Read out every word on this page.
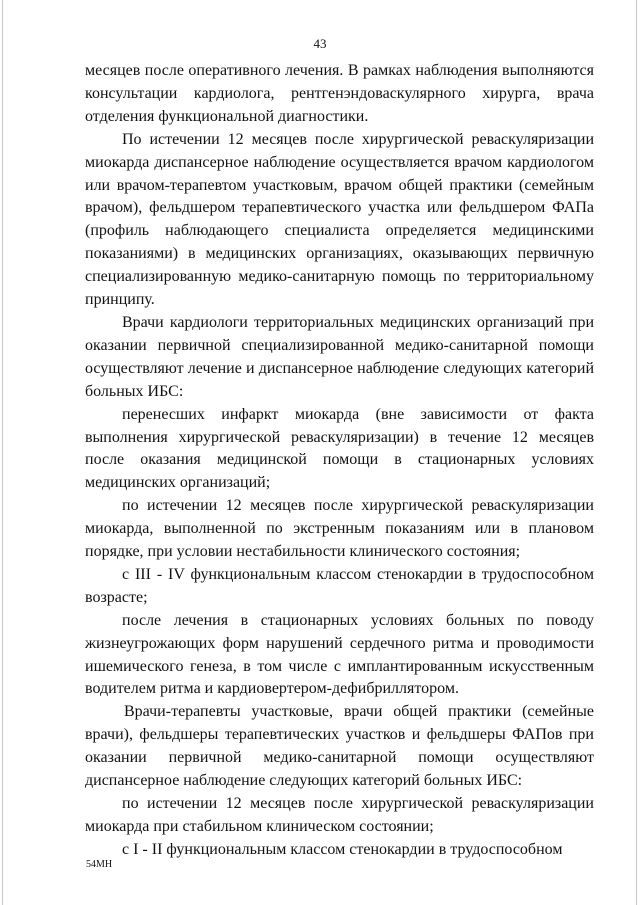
43

месяцев после оперативного лечения. В рамках наблюдения выполняются консультации кардиолога, рентгенэндоваскулярного хирурга, врача отделения функциональной диагностики.

По истечении 12 месяцев после хирургической реваскуляризации миокарда диспансерное наблюдение осуществляется врачом кардиологом или врачом-терапевтом участковым, врачом общей практики (семейным врачом), фельдшером терапевтического участка или фельдшером ФАПа (профиль наблюдающего специалиста определяется медицинскими показаниями) в медицинских организациях, оказывающих первичную специализированную медико-санитарную помощь по территориальному принципу.

Врачи кардиологи территориальных медицинских организаций при оказании первичной специализированной медико-санитарной помощи осуществляют лечение и диспансерное наблюдение следующих категорий больных ИБС:

перенесших инфаркт миокарда (вне зависимости от факта выполнения хирургической реваскуляризации) в течение 12 месяцев после оказания медицинской помощи в стационарных условиях медицинских организаций;

по истечении 12 месяцев после хирургической реваскуляризации миокарда, выполненной по экстренным показаниям или в плановом порядке, при условии нестабильности клинического состояния;

с III - IV функциональным классом стенокардии в трудоспособном возрасте;

после лечения в стационарных условиях больных по поводу жизнеугрожающих форм нарушений сердечного ритма и проводимости ишемического генеза, в том числе с имплантированным искусственным водителем ритма и кардиовертером-дефибриллятором.

Врачи-терапевты участковые, врачи общей практики (семейные врачи), фельдшеры терапевтических участков и фельдшеры ФАПов при оказании первичной медико-санитарной помощи осуществляют диспансерное наблюдение следующих категорий больных ИБС:

по истечении 12 месяцев после хирургической реваскуляризации миокарда при стабильном клиническом состоянии;

с I - II функциональным классом стенокардии в трудоспособном

54МН
